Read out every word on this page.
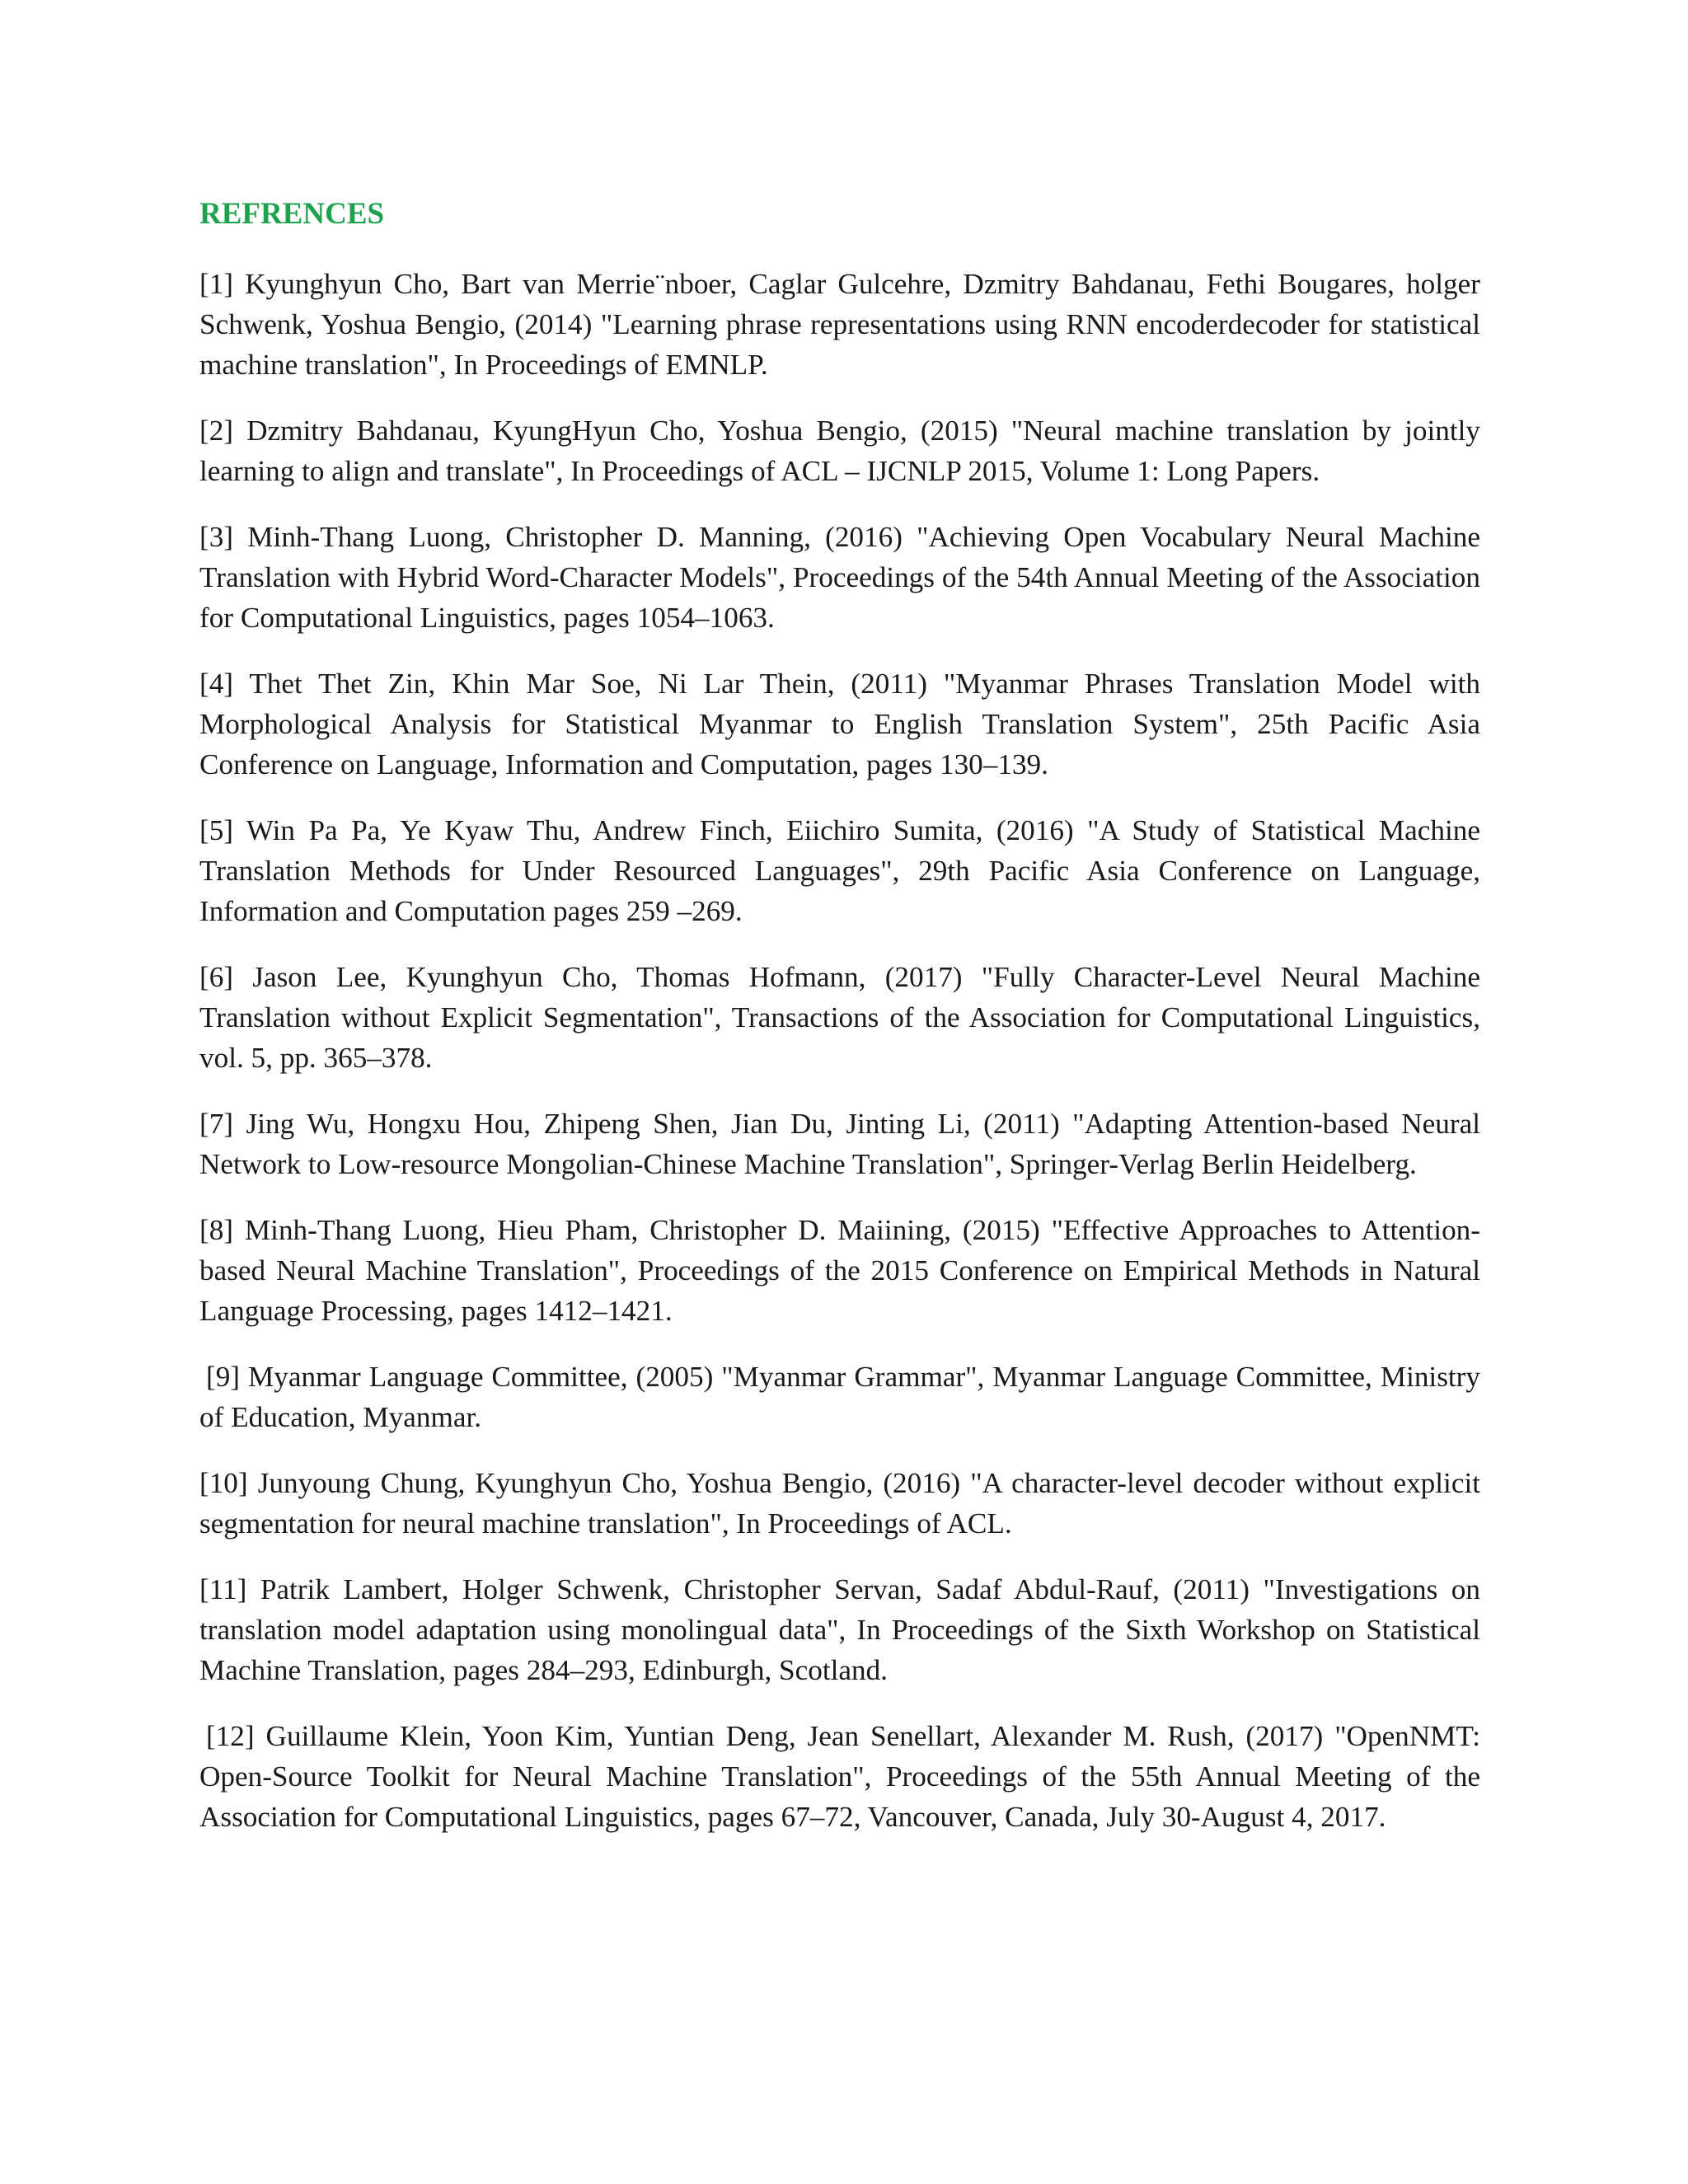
REFRENCES
[1] Kyunghyun Cho, Bart van Merrie¨nboer, Caglar Gulcehre, Dzmitry Bahdanau, Fethi Bougares, holger Schwenk, Yoshua Bengio, (2014) "Learning phrase representations using RNN encoderdecoder for statistical machine translation", In Proceedings of EMNLP.
[2] Dzmitry Bahdanau, KyungHyun Cho, Yoshua Bengio, (2015) "Neural machine translation by jointly learning to align and translate", In Proceedings of ACL – IJCNLP 2015, Volume 1: Long Papers.
[3] Minh-Thang Luong, Christopher D. Manning, (2016) "Achieving Open Vocabulary Neural Machine Translation with Hybrid Word-Character Models", Proceedings of the 54th Annual Meeting of the Association for Computational Linguistics, pages 1054–1063.
[4] Thet Thet Zin, Khin Mar Soe, Ni Lar Thein, (2011) "Myanmar Phrases Translation Model with Morphological Analysis for Statistical Myanmar to English Translation System", 25th Pacific Asia Conference on Language, Information and Computation, pages 130–139.
[5] Win Pa Pa, Ye Kyaw Thu, Andrew Finch, Eiichiro Sumita, (2016) "A Study of Statistical Machine Translation Methods for Under Resourced Languages", 29th Pacific Asia Conference on Language, Information and Computation pages 259 –269.
[6] Jason Lee, Kyunghyun Cho, Thomas Hofmann, (2017) "Fully Character-Level Neural Machine Translation without Explicit Segmentation", Transactions of the Association for Computational Linguistics, vol. 5, pp. 365–378.
[7] Jing Wu, Hongxu Hou, Zhipeng Shen, Jian Du, Jinting Li, (2011) "Adapting Attention-based Neural Network to Low-resource Mongolian-Chinese Machine Translation", Springer-Verlag Berlin Heidelberg.
[8] Minh-Thang Luong, Hieu Pham, Christopher D. Maiining, (2015) "Effective Approaches to Attention-based Neural Machine Translation", Proceedings of the 2015 Conference on Empirical Methods in Natural Language Processing, pages 1412–1421.
[9] Myanmar Language Committee, (2005) "Myanmar Grammar", Myanmar Language Committee, Ministry of Education, Myanmar.
[10] Junyoung Chung, Kyunghyun Cho, Yoshua Bengio, (2016) "A character-level decoder without explicit segmentation for neural machine translation", In Proceedings of ACL.
[11] Patrik Lambert, Holger Schwenk, Christopher Servan, Sadaf Abdul-Rauf, (2011) "Investigations on translation model adaptation using monolingual data", In Proceedings of the Sixth Workshop on Statistical Machine Translation, pages 284–293, Edinburgh, Scotland.
[12] Guillaume Klein, Yoon Kim, Yuntian Deng, Jean Senellart, Alexander M. Rush, (2017) "OpenNMT: Open-Source Toolkit for Neural Machine Translation", Proceedings of the 55th Annual Meeting of the Association for Computational Linguistics, pages 67–72, Vancouver, Canada, July 30-August 4, 2017.
